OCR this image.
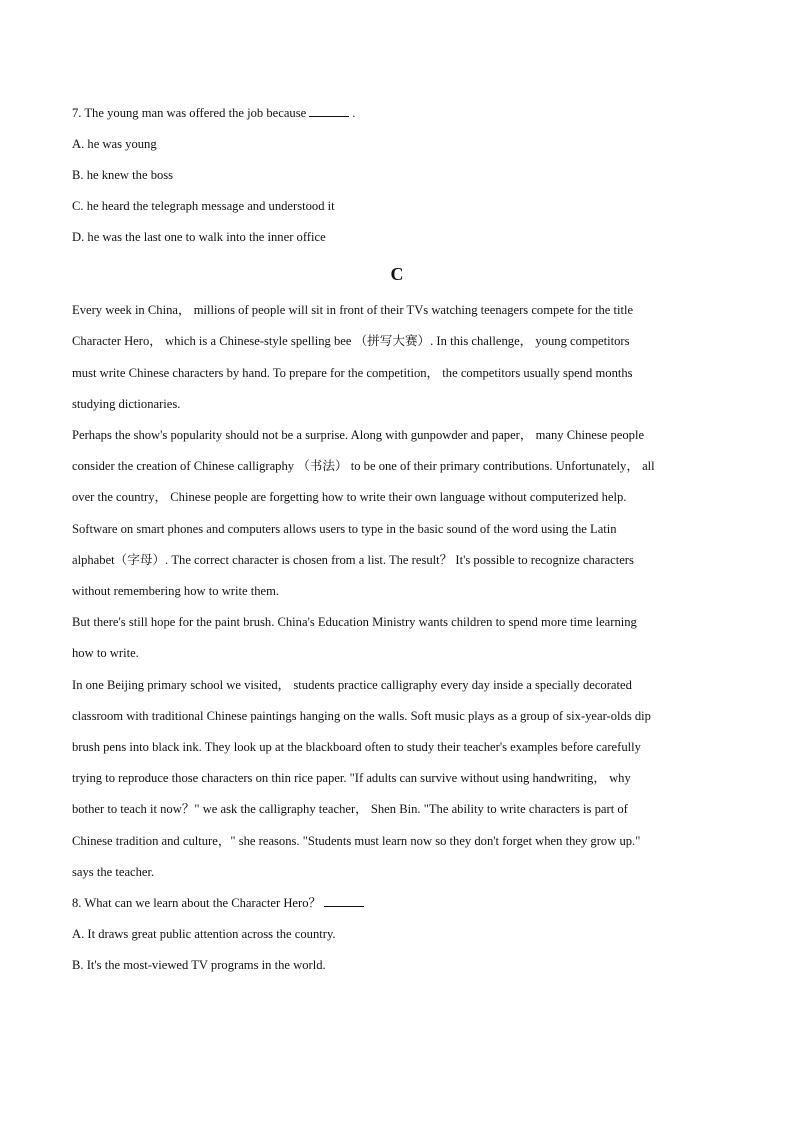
7. The young man was offered the job because	.
A. he was young
B. he knew the boss
C. he heard the telegraph message and understood it
D. he was the last one to walk into the inner office
C
Every week in China， millions of people will sit in front of their TVs watching teenagers compete for the title
Character Hero， which is a Chinese-style spelling bee （拼写大赛）. In this challenge， young competitors
must write Chinese characters by hand. To prepare for the competition， the competitors usually spend months
studying dictionaries.
Perhaps the show's popularity should not be a surprise. Along with gunpowder and paper， many Chinese people
consider the creation of Chinese calligraphy （书法） to be one of their primary contributions. Unfortunately， all
over the country， Chinese people are forgetting how to write their own language without computerized help.
Software on smart phones and computers allows users to type in the basic sound of the word using the Latin
alphabet（字母）. The correct character is chosen from a list. The result？ It's possible to recognize characters
without remembering how to write them.
But there's still hope for the paint brush. China's Education Ministry wants children to spend more time learning
how to write.
In one Beijing primary school we visited， students practice calligraphy every day inside a specially decorated
classroom with traditional Chinese paintings hanging on the walls. Soft music plays as a group of six-year-olds dip
brush pens into black ink. They look up at the blackboard often to study their teacher's examples before carefully
trying to reproduce those characters on thin rice paper. "If adults can survive without using handwriting， why
bother to teach it now？" we ask the calligraphy teacher， Shen Bin. "The ability to write characters is part of
Chinese tradition and culture，" she reasons. "Students must learn now so they don't forget when they grow up."
says the teacher.
8. What can we learn about the Character Hero？
A. It draws great public attention across the country.
B. It's the most-viewed TV programs in the world.
